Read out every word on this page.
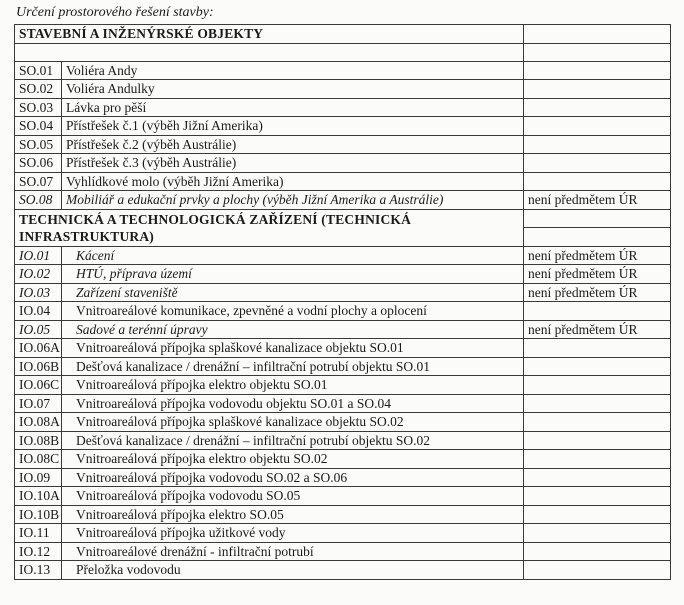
Určení prostorového řešení stavby:
STAVEBNÍ A INŽENÝRSKÉ OBJEKTY		

SO.01	Voliéra Andy	
SO.02	Voliéra Andulky	
SO.03	Lávka pro pěší	
SO.04	Přístřešek č.1 (výběh Jižní Amerika)	
SO.05	Přístřešek č.2 (výběh Austrálie)	
SO.06	Přístřešek č.3 (výběh Austrálie)	
SO.07	Vyhlídkové molo (výběh Jižní Amerika)	
SO.08	Mobiliář a edukační prvky a plochy (výběh Jižní Amerika a Austrálie)	není předmětem ÚR
TECHNICKÁ A TECHNOLOGICKÁ ZAŘÍZENÍ (TECHNICKÁ INFRASTRUKTURA)		

IO.01	Kácení	není předmětem ÚR
IO.02	HTÚ, příprava území	není předmětem ÚR
IO.03	Zařízení staveniště	není předmětem ÚR
IO.04	Vnitroareálové komunikace, zpevněné a vodní plochy a oplocení	
IO.05	Sadové a terénní úpravy	není předmětem ÚR
IO.06A	Vnitroareálová přípojka splaškové kanalizace objektu SO.01	
IO.06B	Dešťová kanalizace / drenážní – infiltrační potrubí objektu SO.01	
IO.06C	Vnitroareálová přípojka elektro objektu SO.01	
IO.07	Vnitroareálová přípojka vodovodu objektu SO.01 a SO.04	
IO.08A	Vnitroareálová přípojka splaškové kanalizace objektu SO.02	
IO.08B	Dešťová kanalizace / drenážní – infiltrační potrubí objektu SO.02	
IO.08C	Vnitroareálová přípojka elektro objektu SO.02	
IO.09	Vnitroareálová přípojka vodovodu SO.02 a SO.06	
IO.10A	Vnitroareálová přípojka vodovodu SO.05	
IO.10B	Vnitroareálová přípojka elektro SO.05	
IO.11	Vnitroareálová přípojka užitkové vody	
IO.12	Vnitroareálové drenážní - infiltrační potrubí	
IO.13	Přeložka vodovodu	
